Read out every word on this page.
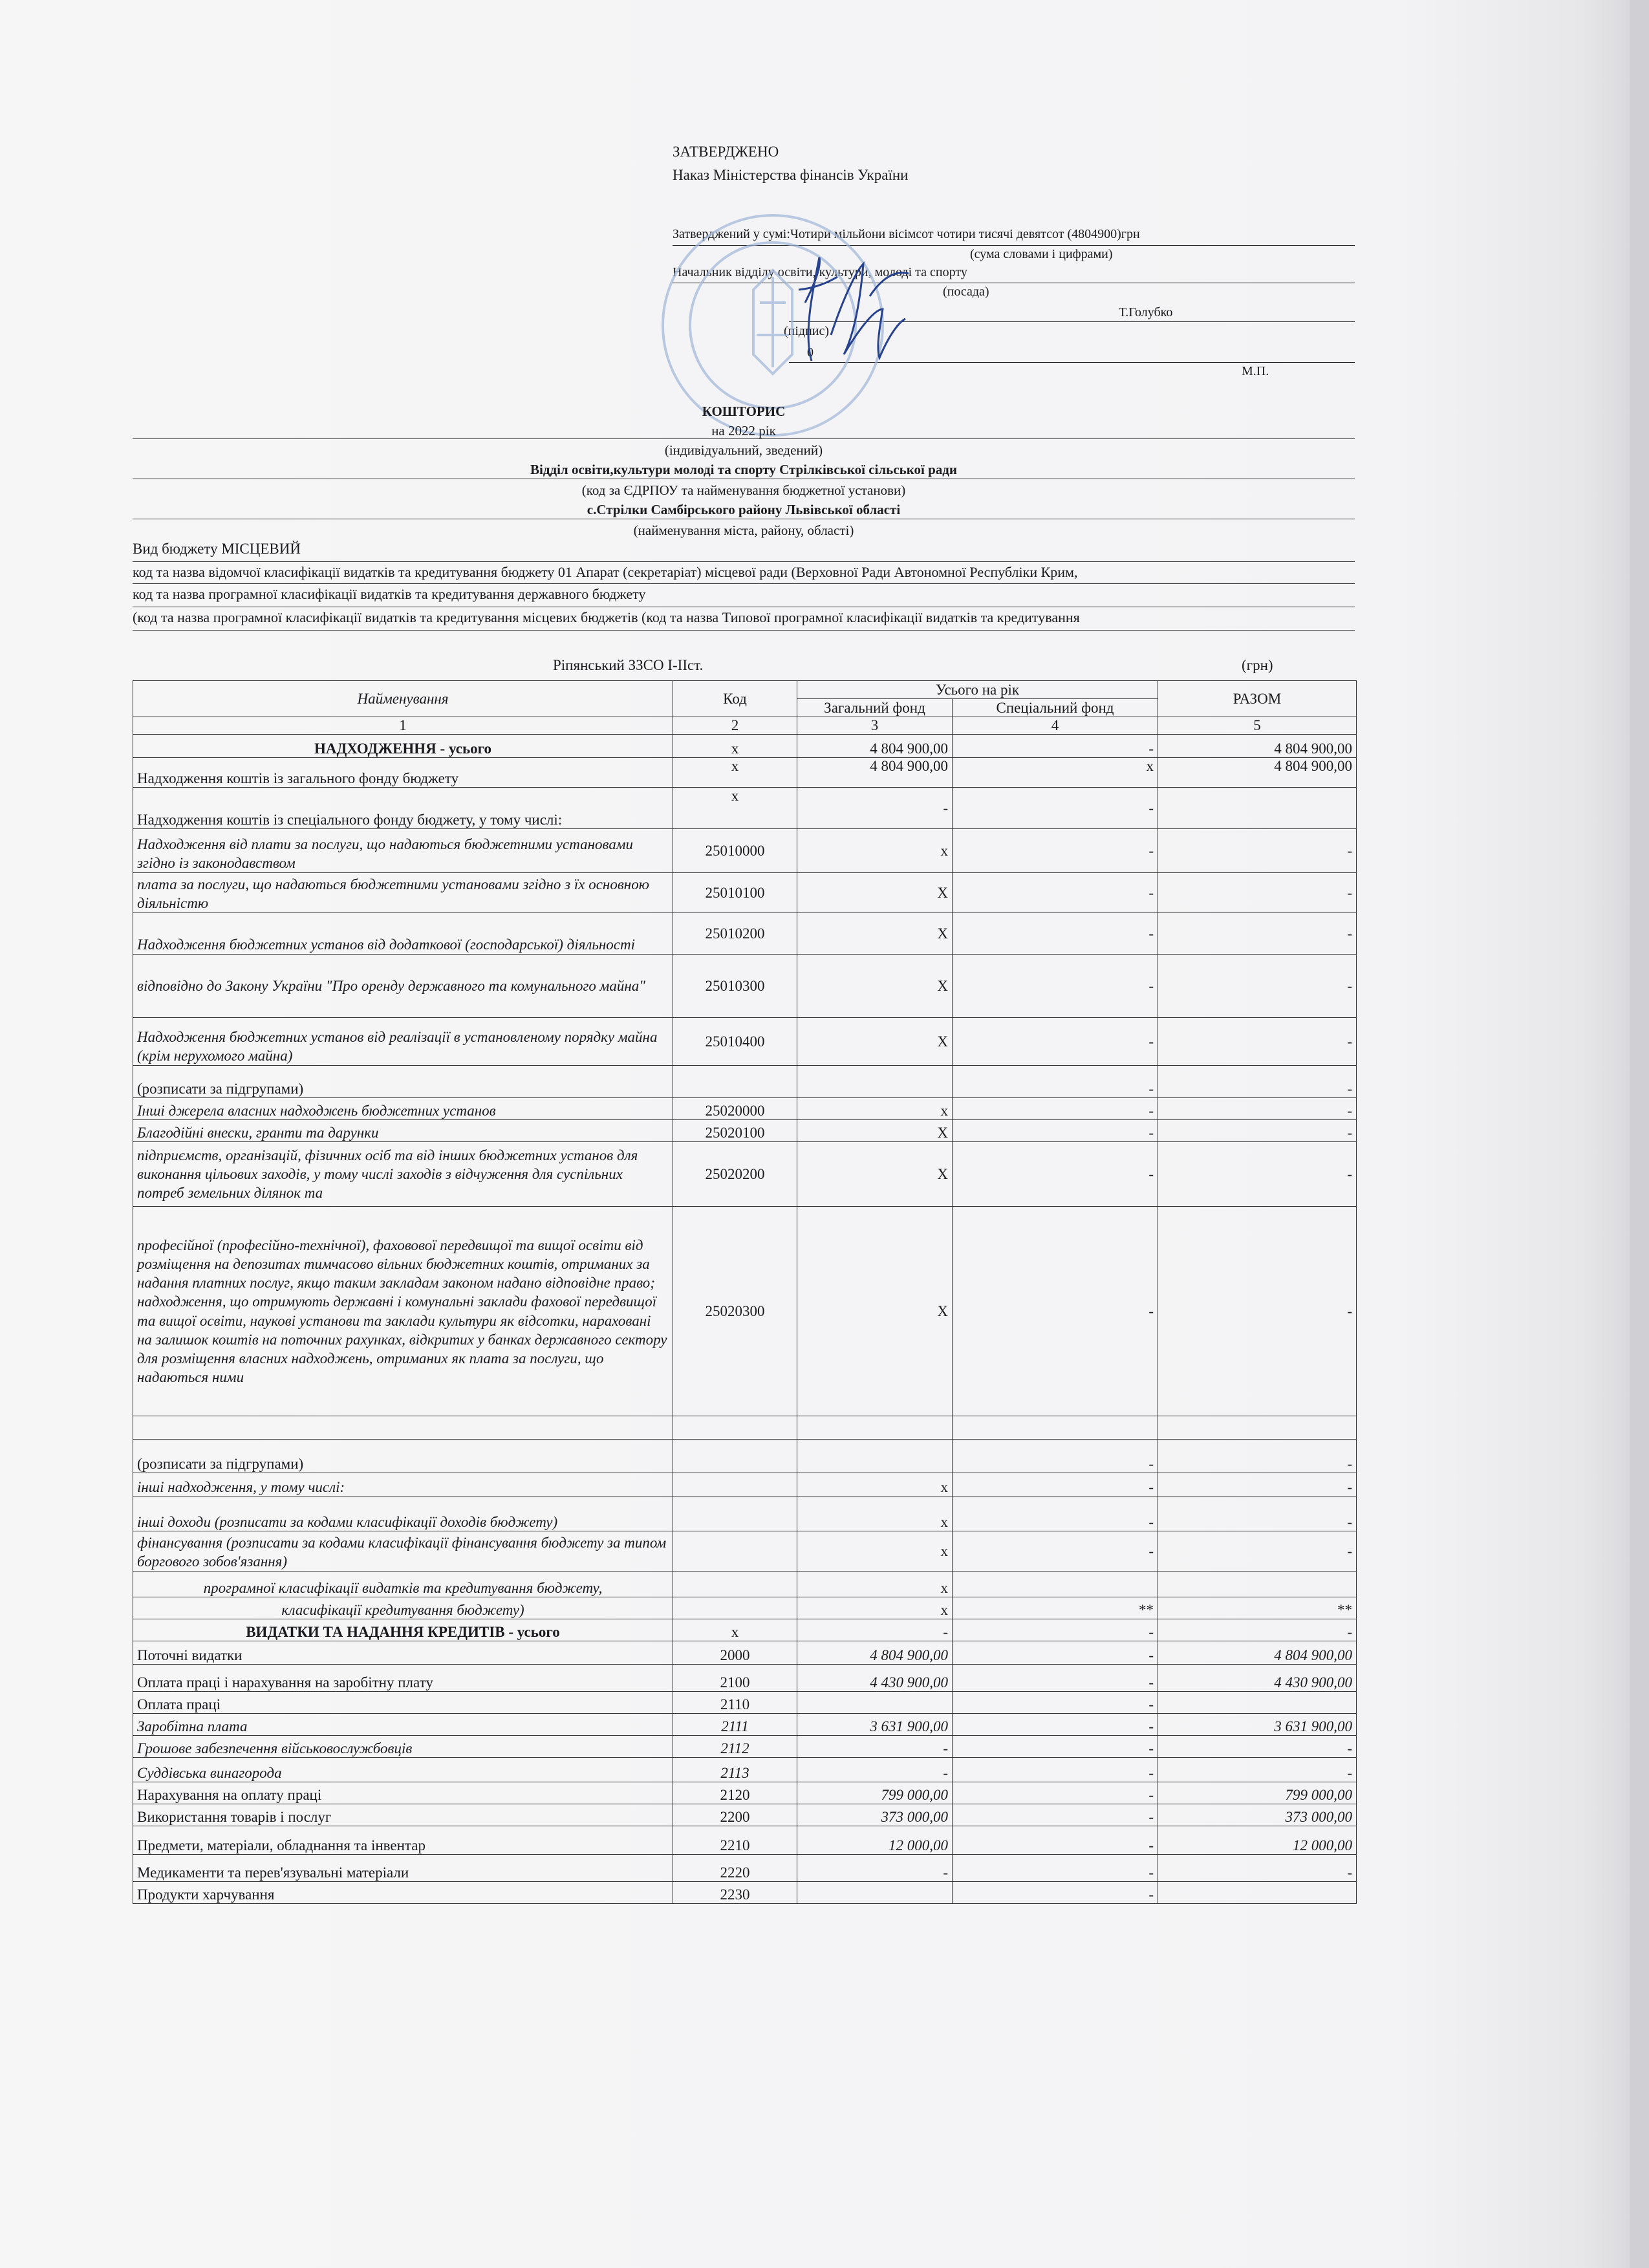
ЗАТВЕРДЖЕНО
Наказ Міністерства фінансів України
Затверджений у сумі:Чотири мільйони вісімсот чотири тисячі девятсот (4804900)грн
(сума словами і цифрами)
Начальник відділу освіти, культури, молоді та спорту
(посада)
Т.Голубко
(підпис)
0
М.П.
КОШТОРИС
на 2022 рік
(індивідуальний, зведений)
Відділ освіти,культури молоді та спорту Стрілківської сільської ради
(код за ЄДРПОУ та найменування бюджетної установи)
с.Стрілки Самбірського району Львівської області
(найменування міста, району, області)
Вид бюджету МІСЦЕВИЙ
код та назва відомчої класифікації видатків та кредитування бюджету 01 Апарат (секретаріат) місцевої ради (Верховної Ради Автономної Республіки Крим,
код та назва програмної класифікації видатків та кредитування державного бюджету
(код та назва програмної класифікації видатків та кредитування місцевих бюджетів (код та назва Типової програмної класифікації видатків та кредитування
Ріпянський ЗЗСО І-ІІст.	(грн)
Найменування	Код	Усього на рік		РАЗОМ
		Загальний фонд	Спеціальний фонд	
1	2	3	4	5
НАДХОДЖЕННЯ - усього	х	4 804 900,00	-	4 804 900,00
Надходження коштів із загального фонду бюджету	х	4 804 900,00	х	4 804 900,00
Надходження коштів із спеціального фонду бюджету, у тому числі:	х	-	-	
Надходження від плати за послуги, що надаються бюджетними установами згідно із законодавством	25010000	х	-	-
плата за послуги, що надаються бюджетними установами згідно з їх основною діяльністю	25010100	Х	-	-
Надходження бюджетних установ від додаткової (господарської) діяльності	25010200	Х	-	-
відповідно до Закону України "Про оренду державного та комунального майна"	25010300	Х	-	-
Надходження бюджетних установ від реалізації в установленому порядку майна (крім нерухомого майна)	25010400	Х	-	-
(розписати за підгрупами)			-	-
Інші джерела власних надходжень бюджетних установ	25020000	х	-	-
Благодійні внески, гранти та дарунки	25020100	Х	-	-
підприємств, організацій, фізичних осіб та від інших бюджетних установ для виконання цільових заходів, у тому числі заходів з відчуження для суспільних потреб земельних ділянок та	25020200	Х	-	-
професійної (професійно-технічної), фаховової передвищої та вищої освіти від розміщення на депозитах тимчасово вільних бюджетних коштів, отриманих за надання платних послуг, якщо таким закладам законом надано відповідне право; надходження, що отримують державні і комунальні заклади фахової передвищої та вищої освіти, наукові установи та заклади культури як відсотки, нараховані на залишок коштів на поточних рахунках, відкритих у банках державного сектору для розміщення власних надходжень, отриманих як плата за послуги, що надаються ними	25020300	Х	-	-

(розписати за підгрупами)			-	-
інші надходження, у тому числі:		х	-	-
інші доходи (розписати за кодами класифікації доходів бюджету)		х	-	-
фінансування (розписати за кодами класифікації фінансування бюджету за типом боргового зобов'язання)		х	-	-
програмної класифікації видатків та кредитування бюджету,		х		
класифікації кредитування бюджету)		х	**	**
ВИДАТКИ ТА НАДАННЯ КРЕДИТІВ - усього	х	-	-	-
Поточні видатки	2000	4 804 900,00	-	4 804 900,00
Оплата праці і нарахування на заробітну плату	2100	4 430 900,00	-	4 430 900,00
Оплата праці	2110		-	
Заробітна плата	2111	3 631 900,00	-	3 631 900,00
Грошове забезпечення військовослужбовців	2112	-	-	-
Суддівська винагорода	2113	-	-	-
Нарахування на оплату праці	2120	799 000,00	-	799 000,00
Використання товарів і послуг	2200	373 000,00	-	373 000,00
Предмети, матеріали, обладнання та інвентар	2210	12 000,00	-	12 000,00
Медикаменти та перев'язувальні матеріали	2220	-	-	-
Продукти харчування	2230		-	
